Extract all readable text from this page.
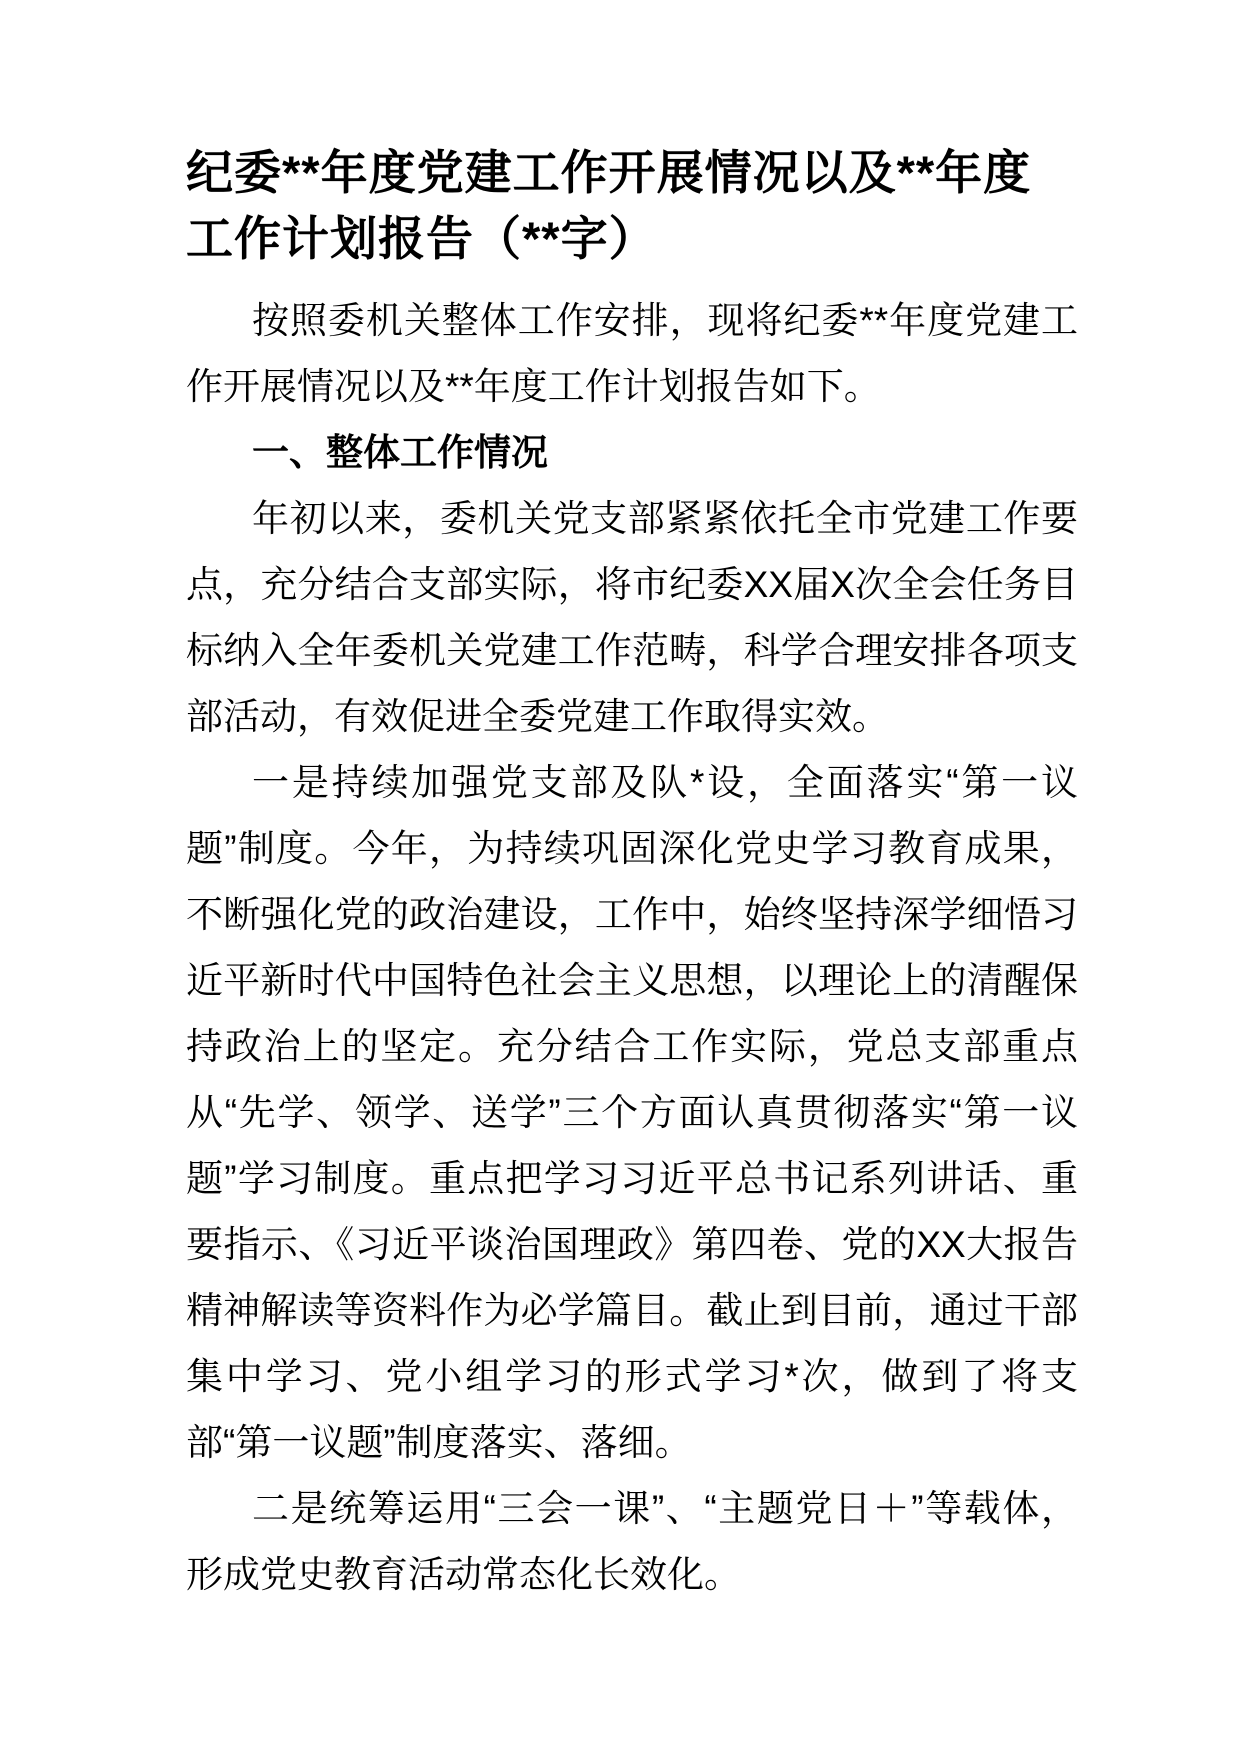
纪委**年度党建工作开展情况以及**年度工作计划报告（**字）

按照委机关整体工作安排，现将纪委**年度党建工作开展情况以及**年度工作计划报告如下。

一、整体工作情况

年初以来，委机关党支部紧紧依托全市党建工作要点，充分结合支部实际，将市纪委XX届X次全会任务目标纳入全年委机关党建工作范畴，科学合理安排各项支部活动，有效促进全委党建工作取得实效。

一是持续加强党支部及队*设，全面落实“第一议题”制度。今年，为持续巩固深化党史学习教育成果，不断强化党的政治建设，工作中，始终坚持深学细悟习近平新时代中国特色社会主义思想，以理论上的清醒保持政治上的坚定。充分结合工作实际，党总支部重点从“先学、领学、送学”三个方面认真贯彻落实“第一议题”学习制度。重点把学习习近平总书记系列讲话、重要指示、《习近平谈治国理政》第四卷、党的XX大报告精神解读等资料作为必学篇目。截止到目前，通过干部集中学习、党小组学习的形式学习*次，做到了将支部“第一议题”制度落实、落细。

二是统筹运用“三会一课”、“主题党日＋”等载体，形成党史教育活动常态化长效化。
